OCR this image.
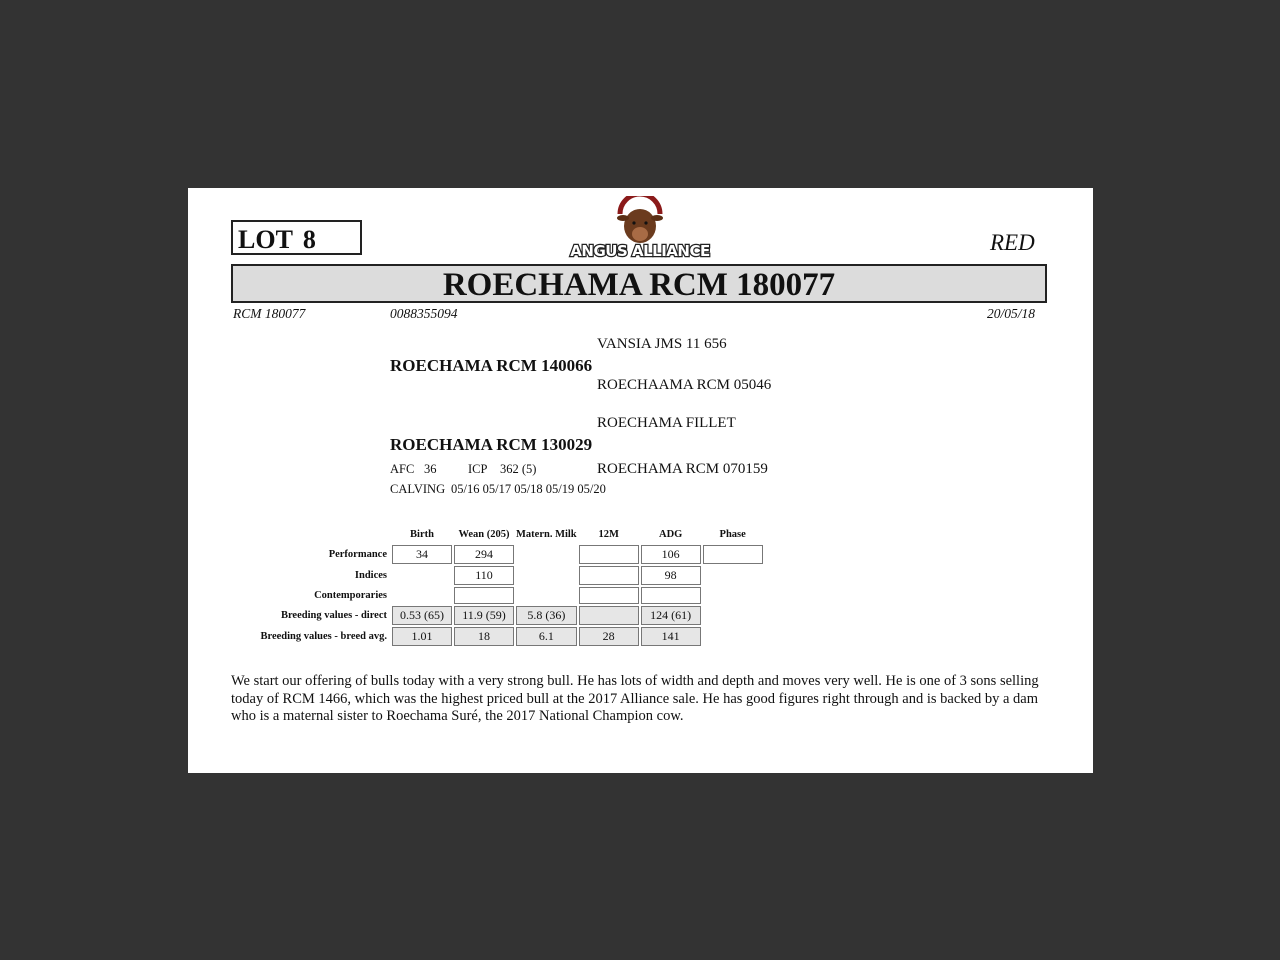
LOT 8	ANGUS ALLIANCE	RED
ROECHAMA RCM 180077
RCM 180077	0088355094	20/05/18
VANSIA JMS 11 656
ROECHAMA RCM 140066
ROECHAAMA RCM 05046
ROECHAMA FILLET
ROECHAMA RCM 130029
ROECHAMA RCM 070159
AFC 36	ICP 362 (5)
CALVING 05/16 05/17 05/18 05/19 05/20
	Birth	Wean (205)	Matern. Milk	12M	ADG	Phase
Performance	34	294			106	
Indices		110			98	
Contemporaries						
Breeding values - direct	0.53 (65)	11.9 (59)	5.8 (36)		124 (61)	
Breeding values - breed avg.	1.01	18	6.1	28	141	
We start our offering of bulls today with a very strong bull. He has lots of width and depth and moves very well. He is one of 3 sons selling today of RCM 1466, which was the highest priced bull at the 2017 Alliance sale. He has good figures right through and is backed by a dam who is a maternal sister to Roechama Suré, the 2017 National Champion cow.
